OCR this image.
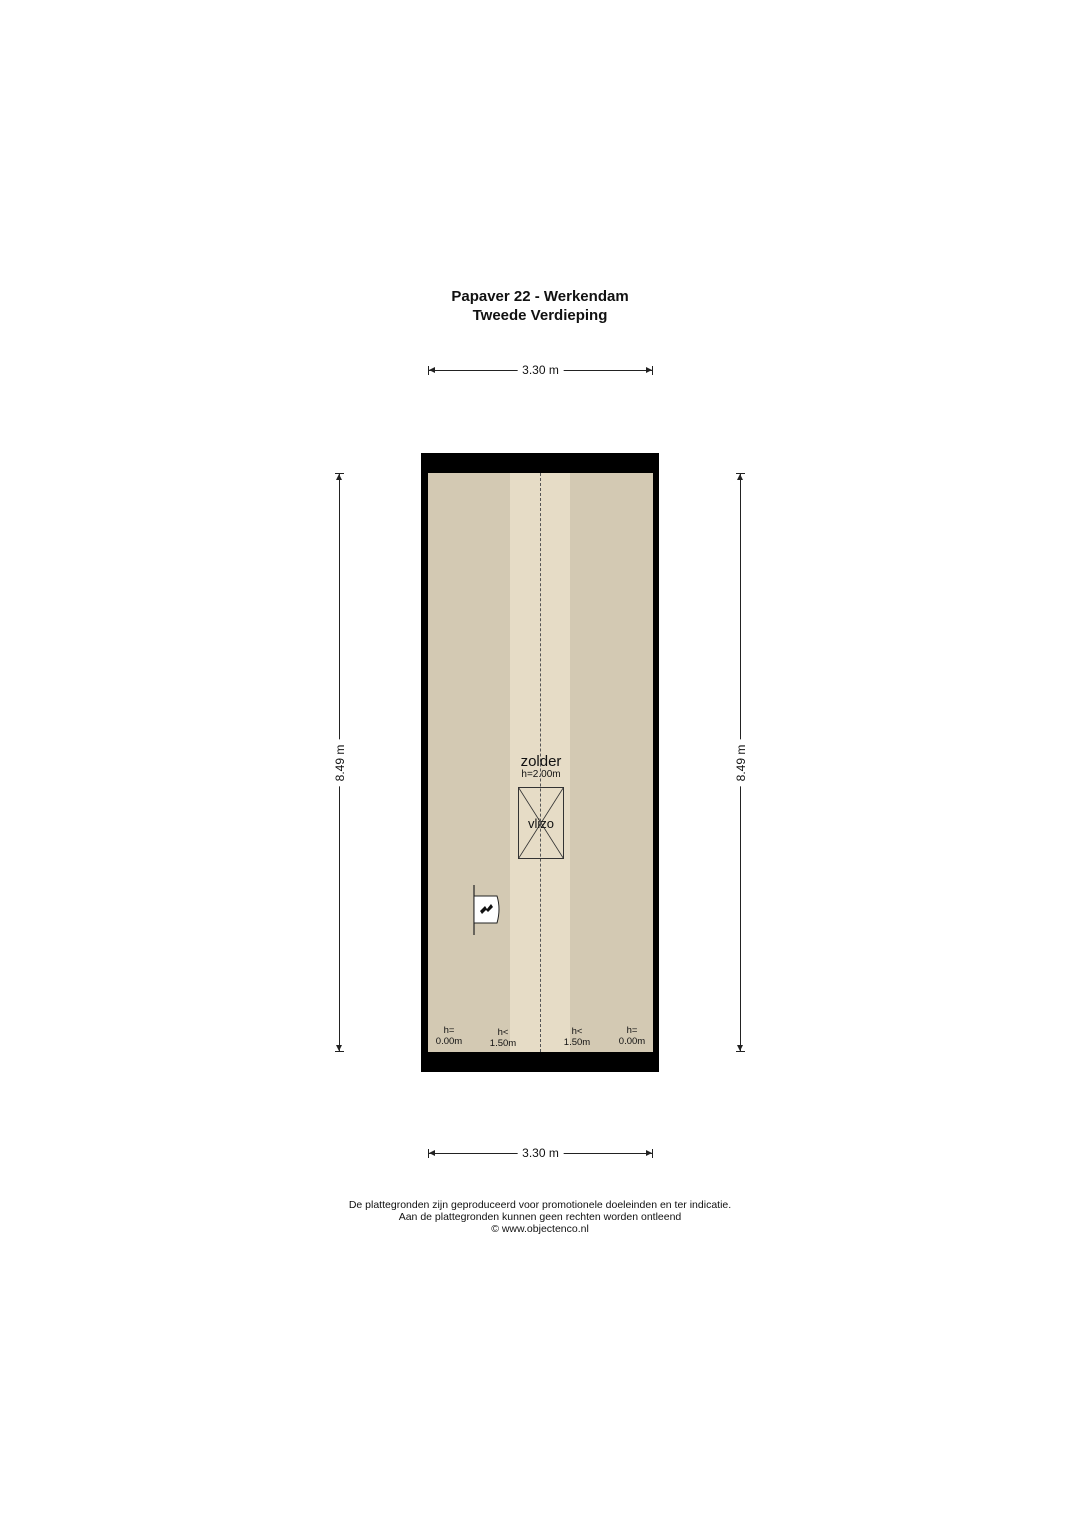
Papaver 22 - Werkendam
Tweede Verdieping
3.30 m
8.49 m	8.49 m
zolder
h=2.00m
vlizo
h=
0.00m
h<
1.50m
h<
1.50m
h=
0.00m
3.30 m
De plattegronden zijn geproduceerd voor promotionele doeleinden en ter indicatie.
Aan de plattegronden kunnen geen rechten worden ontleend
© www.objectenco.nl
